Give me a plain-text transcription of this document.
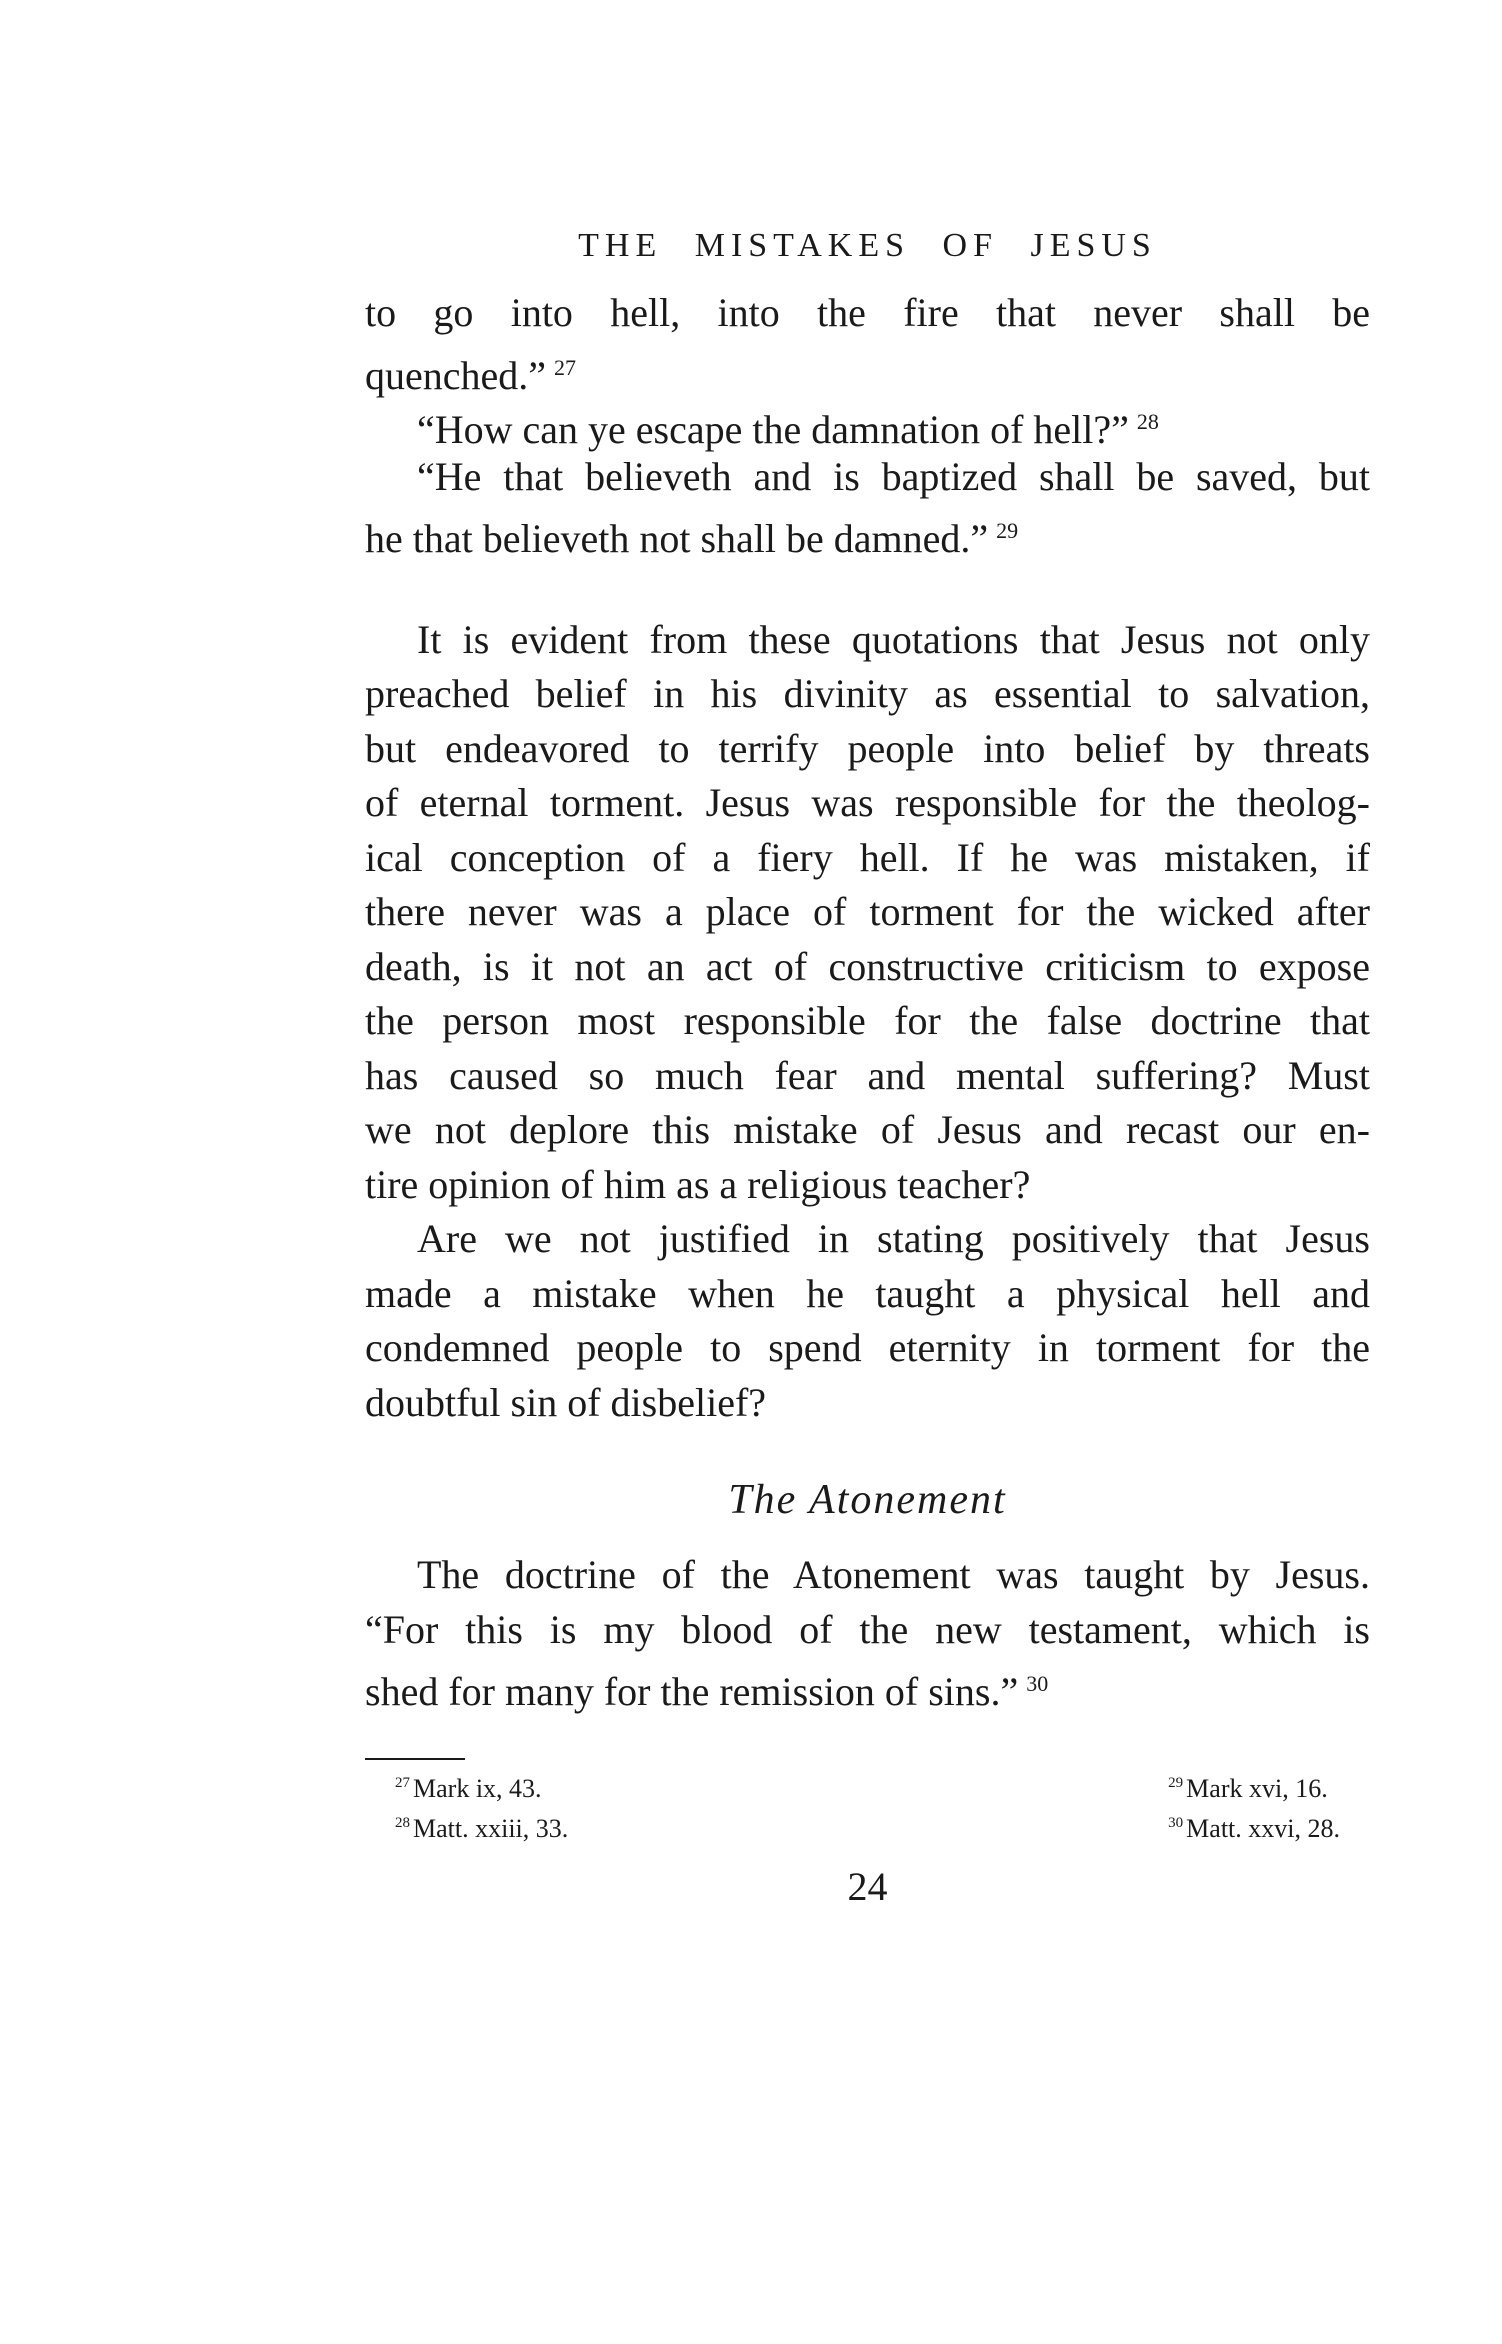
THE MISTAKES OF JESUS
to go into hell, into the fire that never shall be
quenched.” $^{27}$
“How can ye escape the damnation of hell?” $^{28}$
“He that believeth and is baptized shall be saved, but
he that believeth not shall be damned.” $^{29}$
It is evident from these quotations that Jesus not only
preached belief in his divinity as essential to salvation,
but endeavored to terrify people into belief by threats
of eternal torment. Jesus was responsible for the theolog-
ical conception of a fiery hell. If he was mistaken, if
there never was a place of torment for the wicked after
death, is it not an act of constructive criticism to expose
the person most responsible for the false doctrine that
has caused so much fear and mental suffering? Must
we not deplore this mistake of Jesus and recast our en-
tire opinion of him as a religious teacher?
Are we not justified in stating positively that Jesus
made a mistake when he taught a physical hell and
condemned people to spend eternity in torment for the
doubtful sin of disbelief?
The Atonement
The doctrine of the Atonement was taught by Jesus.
“For this is my blood of the new testament, which is
shed for many for the remission of sins.” $^{30}$
$^{27}$ Mark ix, 43.
$^{28}$ Matt. xxiii, 33.
$^{29}$ Mark xvi, 16.
$^{30}$ Matt. xxvi, 28.
24
